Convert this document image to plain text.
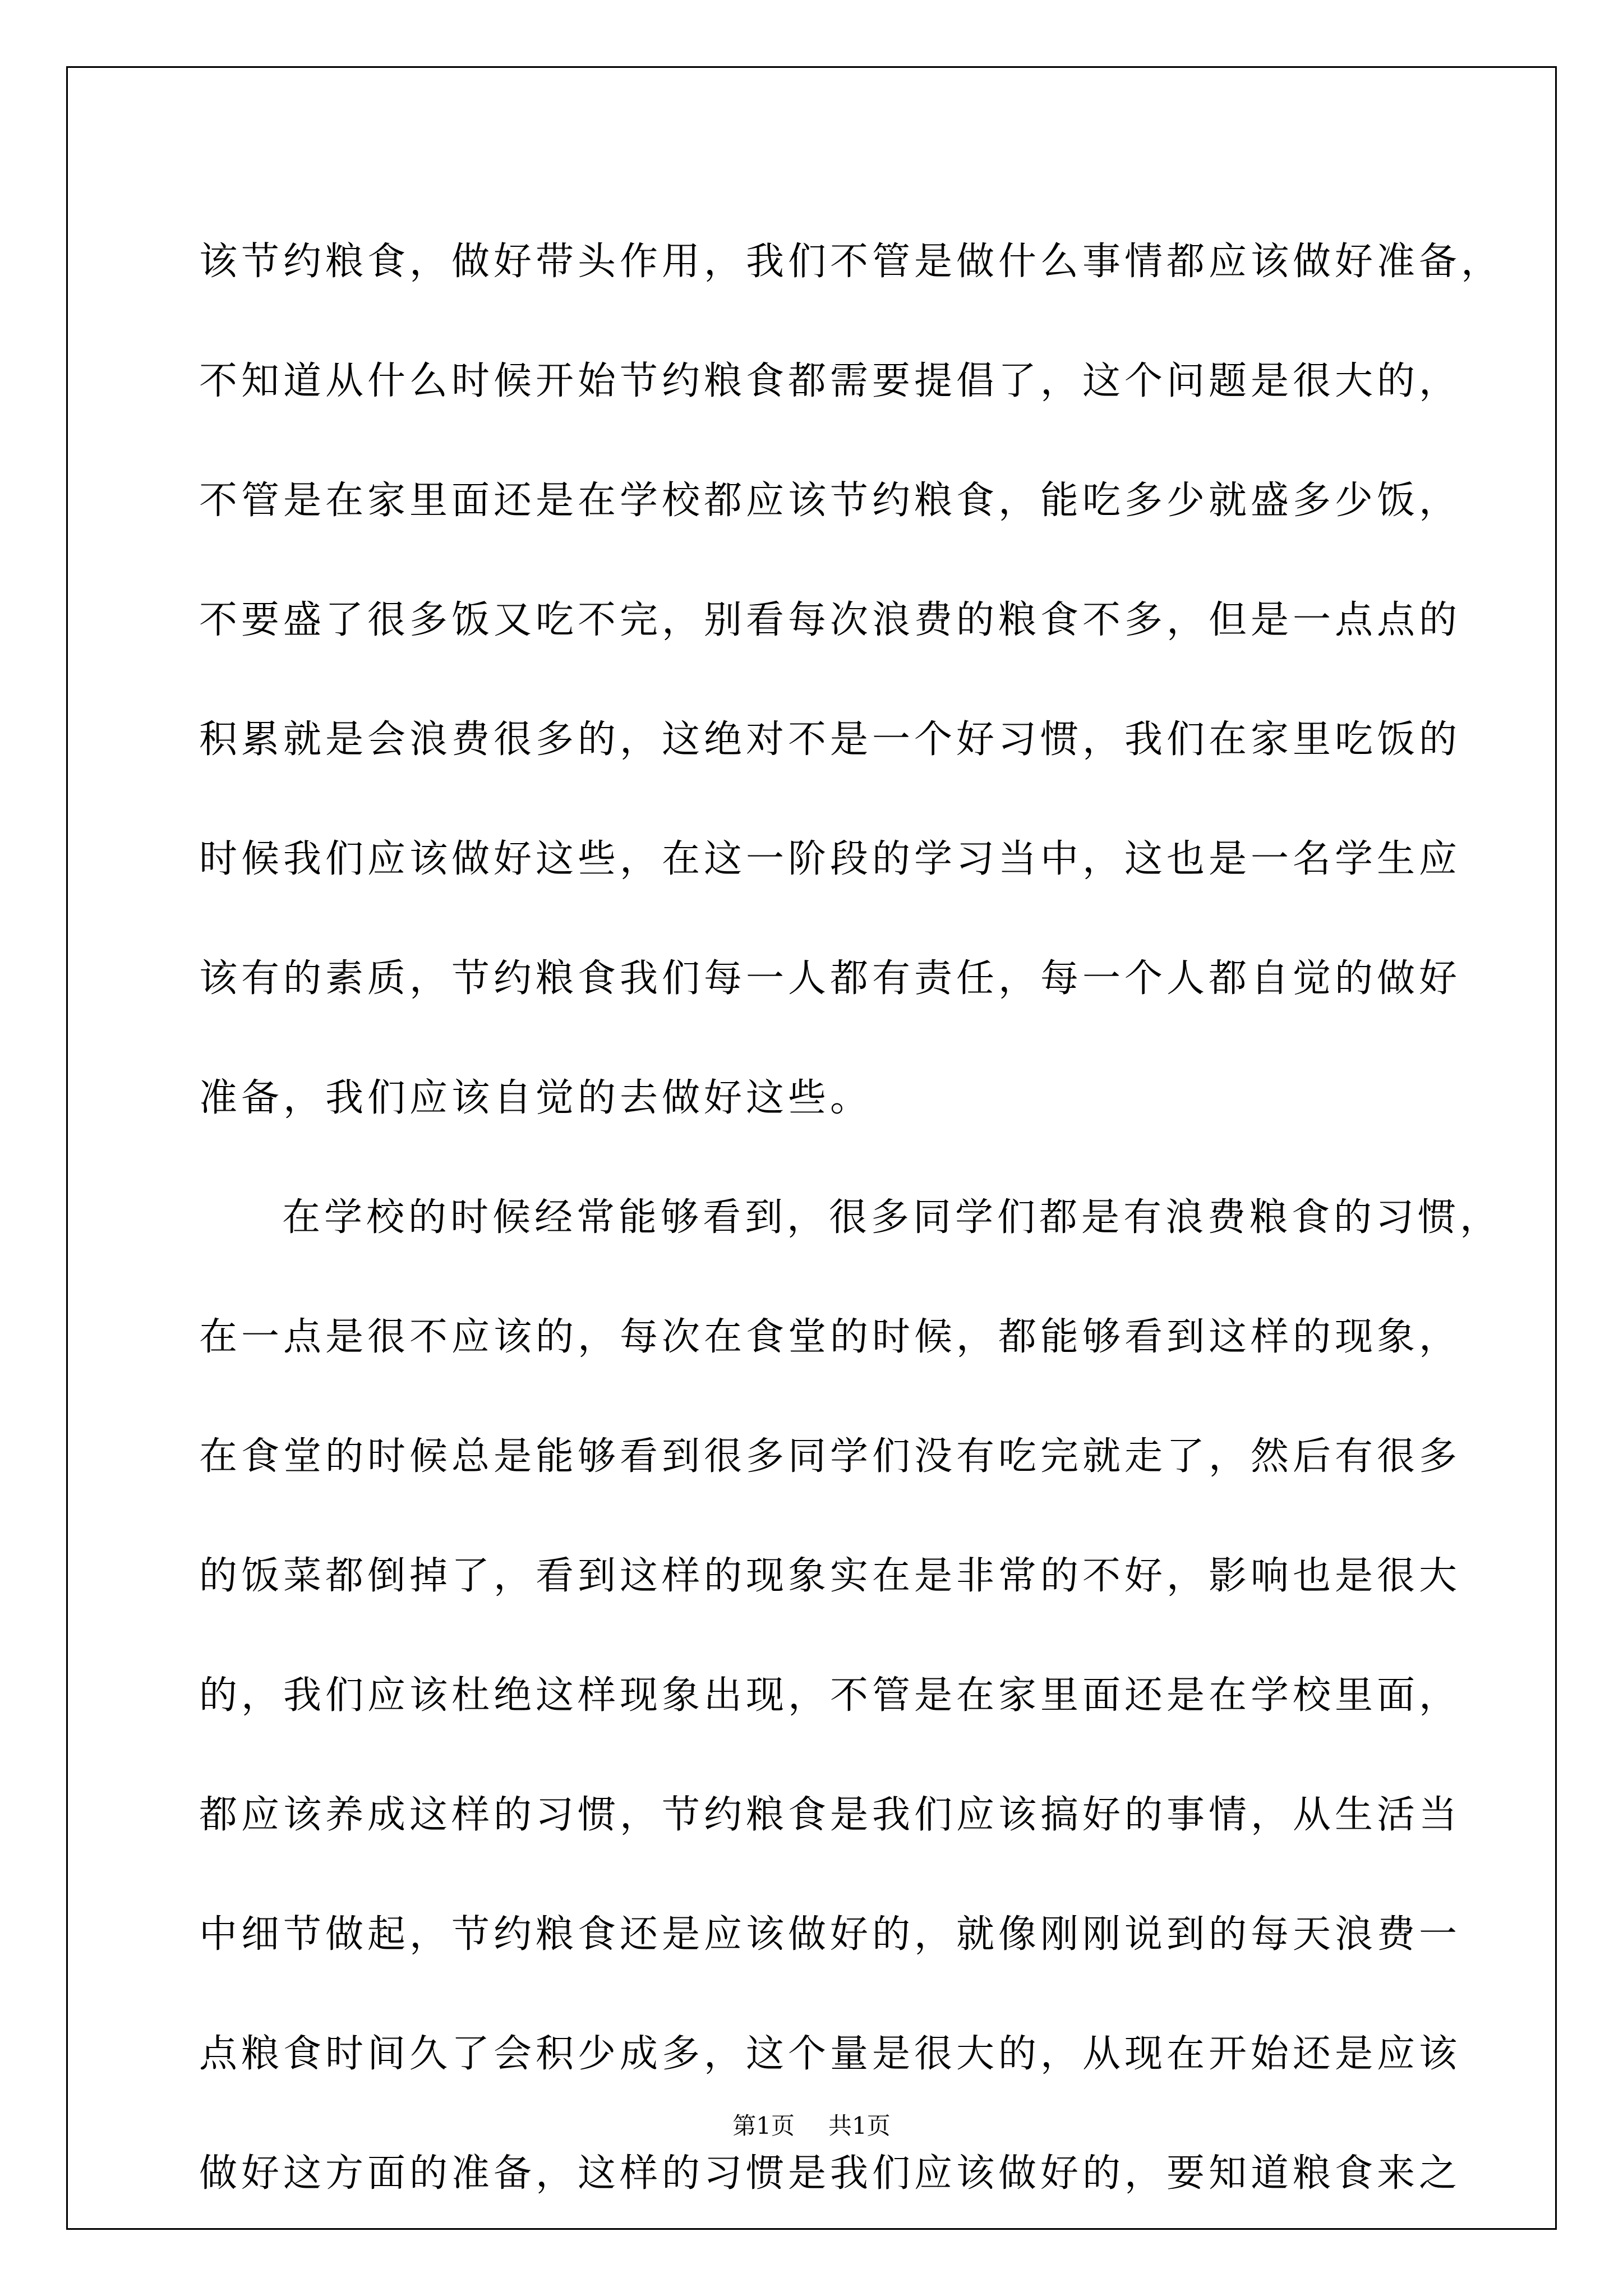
该节约粮食，做好带头作用，我们不管是做什么事情都应该做好准备，
不知道从什么时候开始节约粮食都需要提倡了，这个问题是很大的，
不管是在家里面还是在学校都应该节约粮食，能吃多少就盛多少饭，
不要盛了很多饭又吃不完，别看每次浪费的粮食不多，但是一点点的
积累就是会浪费很多的，这绝对不是一个好习惯，我们在家里吃饭的
时候我们应该做好这些，在这一阶段的学习当中，这也是一名学生应
该有的素质，节约粮食我们每一人都有责任，每一个人都自觉的做好
准备，我们应该自觉的去做好这些。
在学校的时候经常能够看到，很多同学们都是有浪费粮食的习惯，
在一点是很不应该的，每次在食堂的时候，都能够看到这样的现象，
在食堂的时候总是能够看到很多同学们没有吃完就走了，然后有很多
的饭菜都倒掉了，看到这样的现象实在是非常的不好，影响也是很大
的，我们应该杜绝这样现象出现，不管是在家里面还是在学校里面，
都应该养成这样的习惯，节约粮食是我们应该搞好的事情，从生活当
中细节做起，节约粮食还是应该做好的，就像刚刚说到的每天浪费一
点粮食时间久了会积少成多，这个量是很大的，从现在开始还是应该
做好这方面的准备，这样的习惯是我们应该做好的，要知道粮食来之
第1页 共1页
